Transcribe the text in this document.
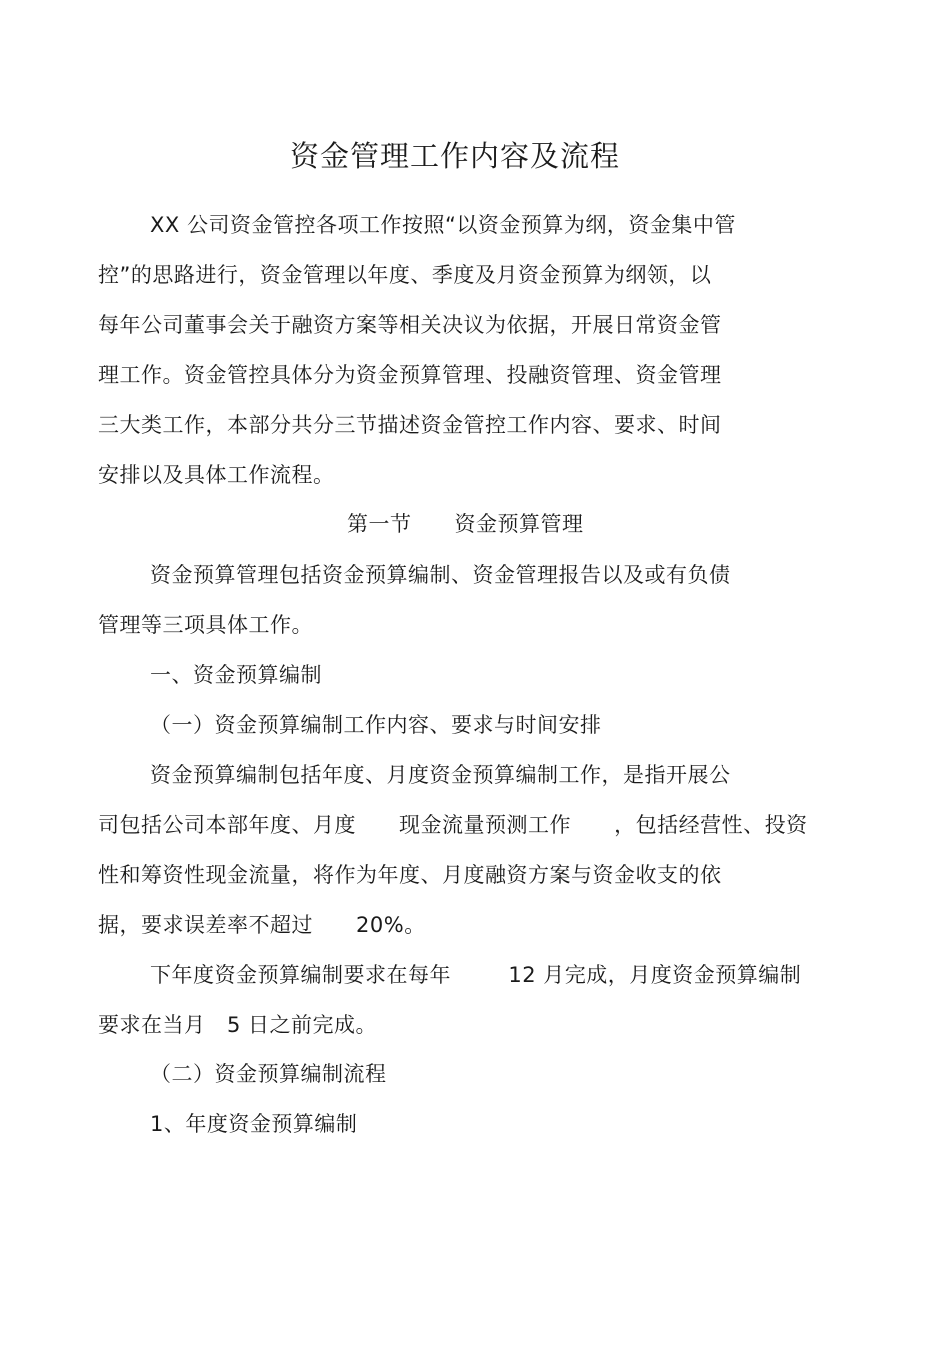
资金管理工作内容及流程
XX 公司资金管控各项工作按照“以资金预算为纲，资金集中管
控”的思路进行，资金管理以年度、季度及月资金预算为纲领，以
每年公司董事会关于融资方案等相关决议为依据，开展日常资金管
理工作。资金管控具体分为资金预算管理、投融资管理、资金管理
三大类工作，本部分共分三节描述资金管控工作内容、要求、时间
安排以及具体工作流程。
第一节      资金预算管理
资金预算管理包括资金预算编制、资金管理报告以及或有负债
管理等三项具体工作。
一、资金预算编制
（一）资金预算编制工作内容、要求与时间安排
资金预算编制包括年度、月度资金预算编制工作，是指开展公
司包括公司本部年度、月度      现金流量预测工作      ，包括经营性、投资
性和筹资性现金流量，将作为年度、月度融资方案与资金收支的依
据，要求误差率不超过      20%。
下年度资金预算编制要求在每年        12 月完成，月度资金预算编制
要求在当月   5 日之前完成。
（二）资金预算编制流程
1、年度资金预算编制
